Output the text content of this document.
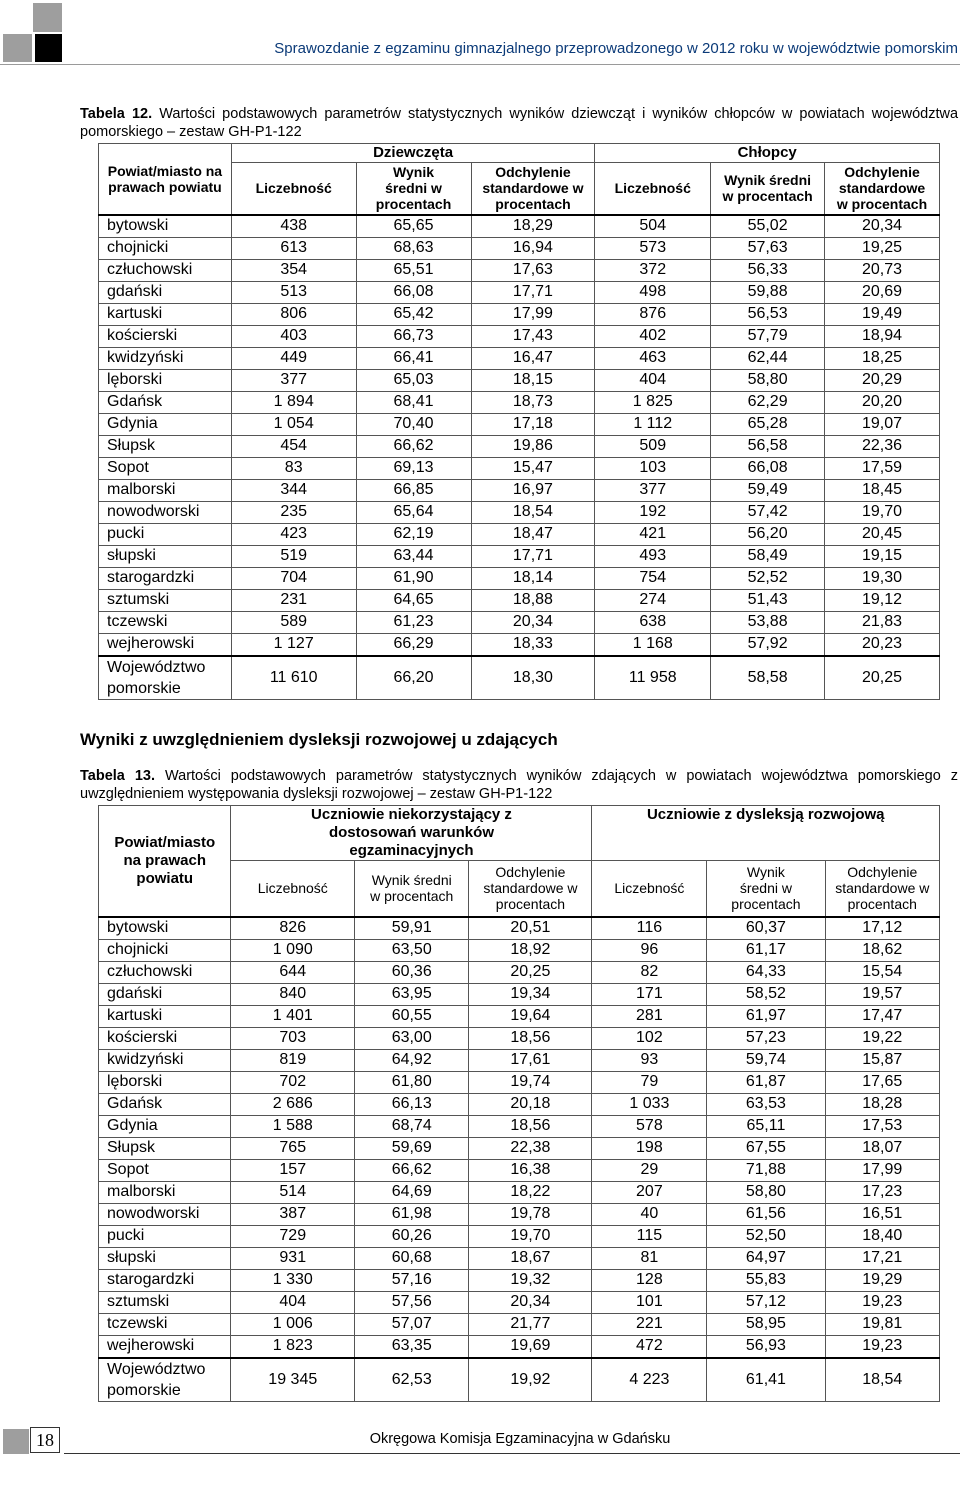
Sprawozdanie z egzaminu gimnazjalnego przeprowadzonego w 2012 roku w województwie pomorskim
Tabela 12. Wartości podstawowych parametrów statystycznych wyników dziewcząt i wyników chłopców w powiatach województwa pomorskiego – zestaw GH-P1-122
Powiat/miasto na prawach powiatu	Dziewczęta			Chłopcy		
	Liczebność	Wynik średni w procentach	Odchylenie standardowe w procentach	Liczebność	Wynik średni w procentach	Odchylenie standardowe w procentach
bytowski	438	65,65	18,29	504	55,02	20,34
chojnicki	613	68,63	16,94	573	57,63	19,25
człuchowski	354	65,51	17,63	372	56,33	20,73
gdański	513	66,08	17,71	498	59,88	20,69
kartuski	806	65,42	17,99	876	56,53	19,49
kościerski	403	66,73	17,43	402	57,79	18,94
kwidzyński	449	66,41	16,47	463	62,44	18,25
lęborski	377	65,03	18,15	404	58,80	20,29
Gdańsk	1 894	68,41	18,73	1 825	62,29	20,20
Gdynia	1 054	70,40	17,18	1 112	65,28	19,07
Słupsk	454	66,62	19,86	509	56,58	22,36
Sopot	83	69,13	15,47	103	66,08	17,59
malborski	344	66,85	16,97	377	59,49	18,45
nowodworski	235	65,64	18,54	192	57,42	19,70
pucki	423	62,19	18,47	421	56,20	20,45
słupski	519	63,44	17,71	493	58,49	19,15
starogardzki	704	61,90	18,14	754	52,52	19,30
sztumski	231	64,65	18,88	274	51,43	19,12
tczewski	589	61,23	20,34	638	53,88	21,83
wejherowski	1 127	66,29	18,33	1 168	57,92	20,23
Województwo pomorskie	11 610	66,20	18,30	11 958	58,58	20,25
Wyniki z uwzględnieniem dysleksji rozwojowej u zdających
Tabela 13. Wartości podstawowych parametrów statystycznych wyników zdających w powiatach województwa pomorskiego z uwzględnieniem występowania dysleksji rozwojowej – zestaw GH-P1-122
Powiat/miasto na prawach powiatu	Uczniowie niekorzystający z dostosowań warunków egzaminacyjnych			Uczniowie z dysleksją rozwojową		
	Liczebność	Wynik średni w procentach	Odchylenie standardowe w procentach	Liczebność	Wynik średni w procentach	Odchylenie standardowe w procentach
bytowski	826	59,91	20,51	116	60,37	17,12
chojnicki	1 090	63,50	18,92	96	61,17	18,62
człuchowski	644	60,36	20,25	82	64,33	15,54
gdański	840	63,95	19,34	171	58,52	19,57
kartuski	1 401	60,55	19,64	281	61,97	17,47
kościerski	703	63,00	18,56	102	57,23	19,22
kwidzyński	819	64,92	17,61	93	59,74	15,87
lęborski	702	61,80	19,74	79	61,87	17,65
Gdańsk	2 686	66,13	20,18	1 033	63,53	18,28
Gdynia	1 588	68,74	18,56	578	65,11	17,53
Słupsk	765	59,69	22,38	198	67,55	18,07
Sopot	157	66,62	16,38	29	71,88	17,99
malborski	514	64,69	18,22	207	58,80	17,23
nowodworski	387	61,98	19,78	40	61,56	16,51
pucki	729	60,26	19,70	115	52,50	18,40
słupski	931	60,68	18,67	81	64,97	17,21
starogardzki	1 330	57,16	19,32	128	55,83	19,29
sztumski	404	57,56	20,34	101	57,12	19,23
tczewski	1 006	57,07	21,77	221	58,95	19,81
wejherowski	1 823	63,35	19,69	472	56,93	19,23
Województwo pomorskie	19 345	62,53	19,92	4 223	61,41	18,54
18	Okręgowa Komisja Egzaminacyjna w Gdańsku
